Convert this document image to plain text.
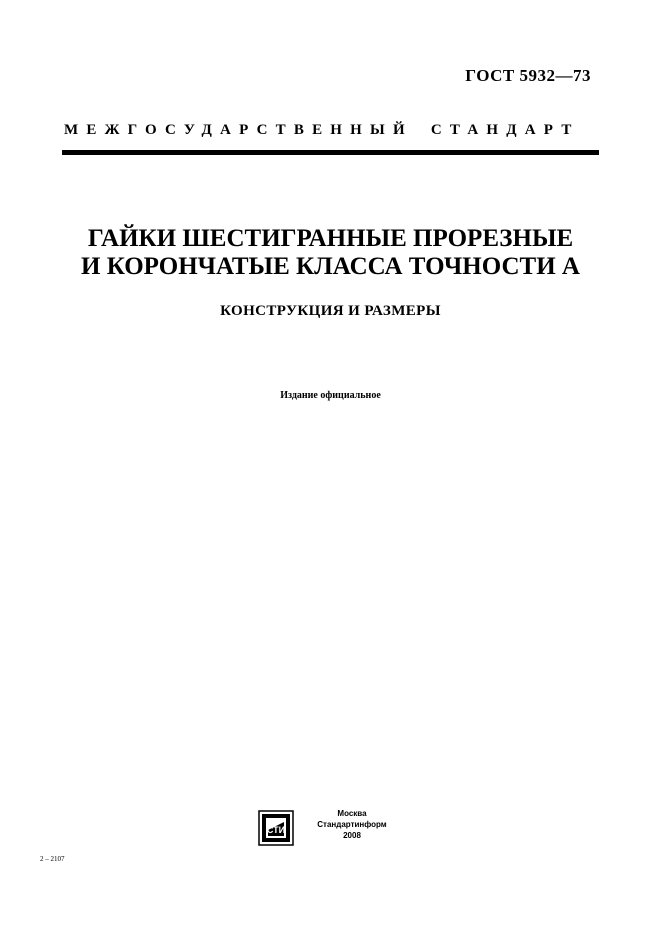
ГОСТ 5932—73
МЕЖГОСУДАРСТВЕННЫЙ СТАНДАРТ
ГАЙКИ ШЕСТИГРАННЫЕ ПРОРЕЗНЫЕ
И КОРОНЧАТЫЕ КЛАССА ТОЧНОСТИ А
КОНСТРУКЦИЯ И РАЗМЕРЫ
Издание официальное
СТИ
Москва
Стандартинформ
2008
2 – 2107
